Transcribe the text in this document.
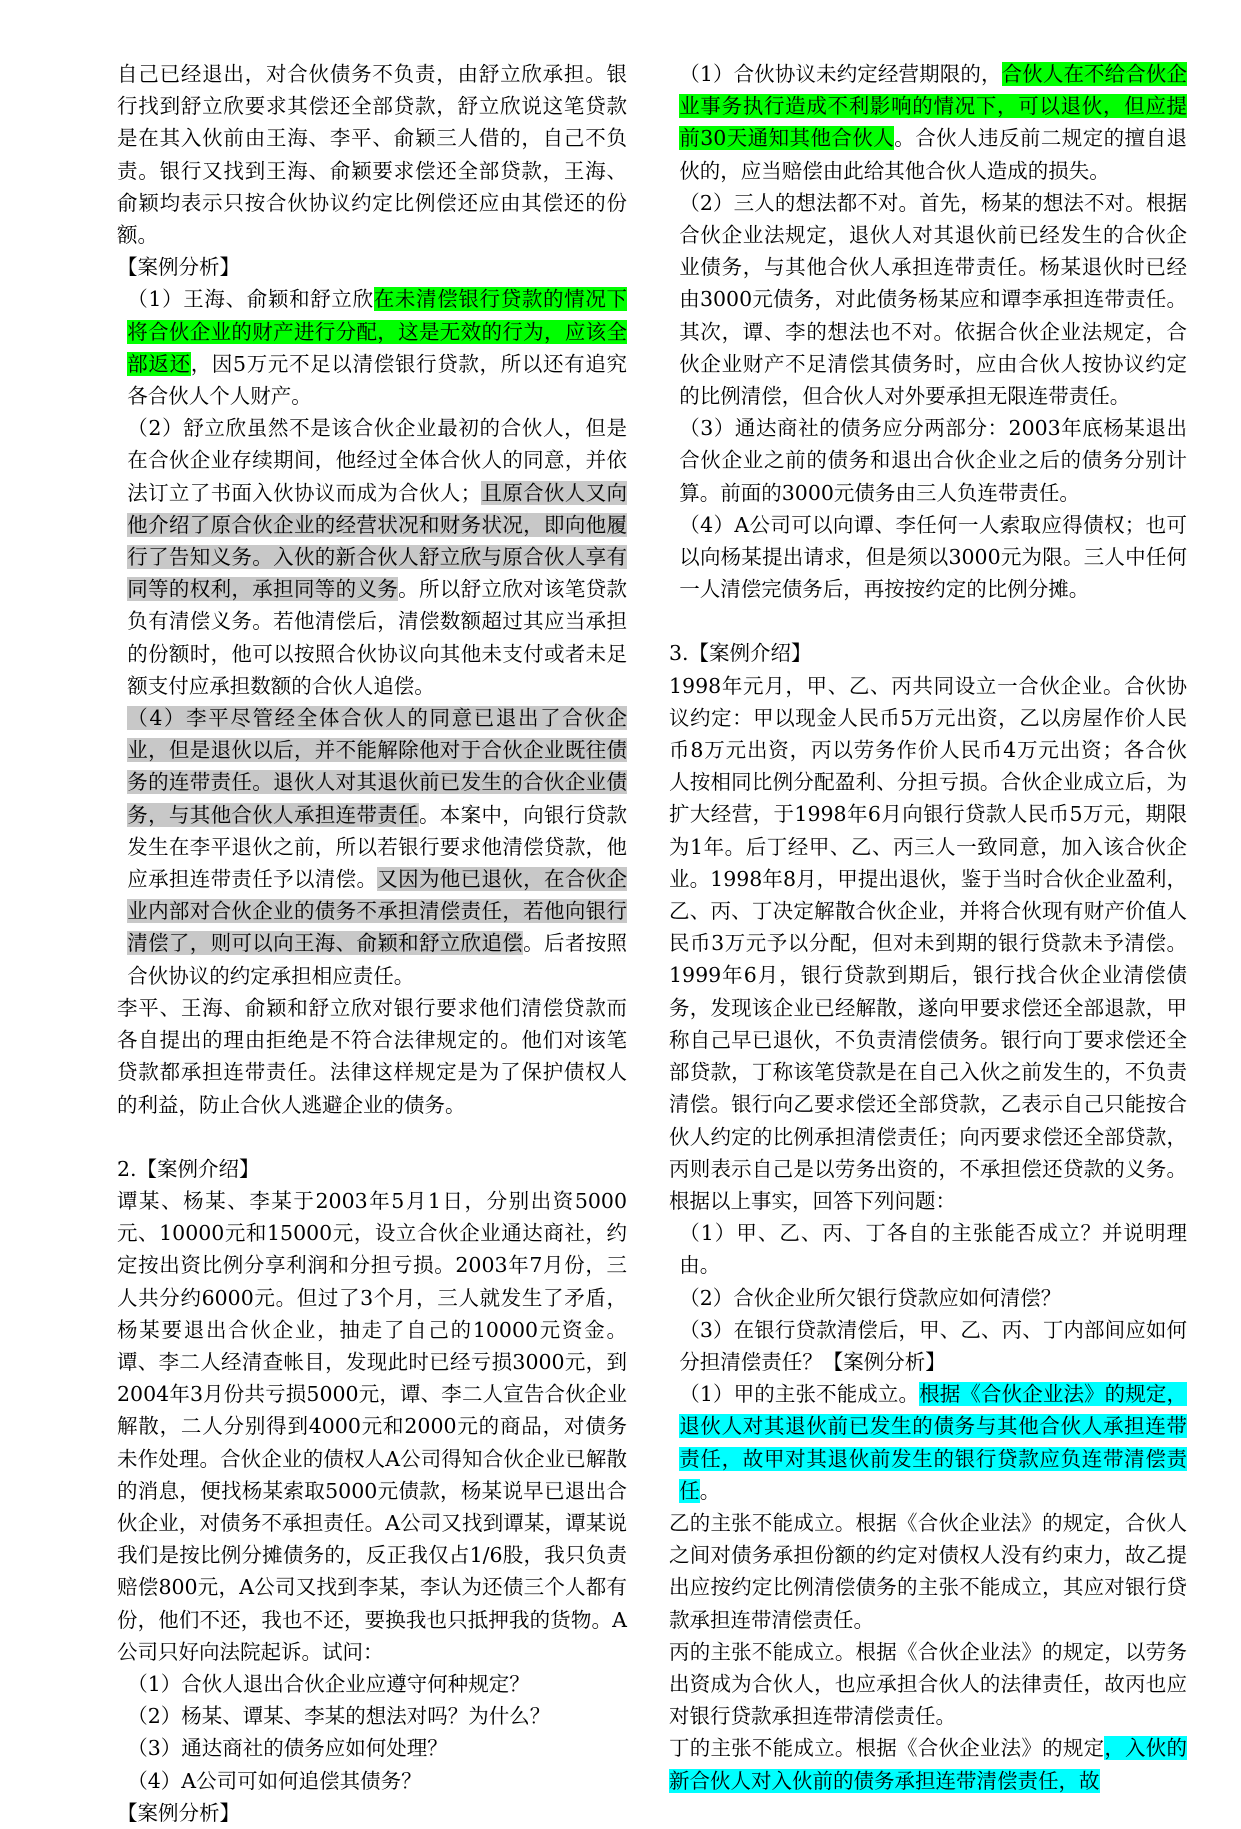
自己已经退出，对合伙债务不负责，由舒立欣承担。银行找到舒立欣要求其偿还全部贷款，舒立欣说这笔贷款是在其入伙前由王海、李平、俞颖三人借的，自己不负责。银行又找到王海、俞颖要求偿还全部贷款，王海、俞颖均表示只按合伙协议约定比例偿还应由其偿还的份额。

【案例分析】

（1）王海、俞颖和舒立欣在未清偿银行贷款的情况下将合伙企业的财产进行分配，这是无效的行为，应该全部返还，因5万元不足以清偿银行贷款，所以还有追究各合伙人个人财产。

（2）舒立欣虽然不是该合伙企业最初的合伙人，但是在合伙企业存续期间，他经过全体合伙人的同意，并依法订立了书面入伙协议而成为合伙人；且原合伙人又向他介绍了原合伙企业的经营状况和财务状况，即向他履行了告知义务。入伙的新合伙人舒立欣与原合伙人享有同等的权利，承担同等的义务。所以舒立欣对该笔贷款负有清偿义务。若他清偿后，清偿数额超过其应当承担的份额时，他可以按照合伙协议向其他未支付或者未足额支付应承担数额的合伙人追偿。

（4）李平尽管经全体合伙人的同意已退出了合伙企业，但是退伙以后，并不能解除他对于合伙企业既往债务的连带责任。退伙人对其退伙前已发生的合伙企业债务，与其他合伙人承担连带责任。本案中，向银行贷款发生在李平退伙之前，所以若银行要求他清偿贷款，他应承担连带责任予以清偿。又因为他已退伙，在合伙企业内部对合伙企业的债务不承担清偿责任，若他向银行清偿了，则可以向王海、俞颖和舒立欣追偿。后者按照合伙协议的约定承担相应责任。

李平、王海、俞颖和舒立欣对银行要求他们清偿贷款而各自提出的理由拒绝是不符合法律规定的。他们对该笔贷款都承担连带责任。法律这样规定是为了保护债权人的利益，防止合伙人逃避企业的债务。

2.【案例介绍】

谭某、杨某、李某于2003年5月1日，分别出资5000元、10000元和15000元，设立合伙企业通达商社，约定按出资比例分享利润和分担亏损。2003年7月份，三人共分约6000元。但过了3个月，三人就发生了矛盾，杨某要退出合伙企业，抽走了自己的10000元资金。谭、李二人经清查帐目，发现此时已经亏损3000元，到2004年3月份共亏损5000元，谭、李二人宣告合伙企业解散，二人分别得到4000元和2000元的商品，对债务未作处理。合伙企业的债权人A公司得知合伙企业已解散的消息，便找杨某索取5000元债款，杨某说早已退出合伙企业，对债务不承担责任。A公司又找到谭某，谭某说我们是按比例分摊债务的，反正我仅占1/6股，我只负责赔偿800元，A公司又找到李某，李认为还债三个人都有份，他们不还，我也不还，要换我也只抵押我的货物。A公司只好向法院起诉。试问：

（1）合伙人退出合伙企业应遵守何种规定？

（2）杨某、谭某、李某的想法对吗？为什么？

（3）通达商社的债务应如何处理？

（4）A公司可如何追偿其债务？

【案例分析】

（1）合伙协议未约定经营期限的，合伙人在不给合伙企业事务执行造成不利影响的情况下，可以退伙，但应提前30天通知其他合伙人。合伙人违反前二规定的擅自退伙的，应当赔偿由此给其他合伙人造成的损失。

（2）三人的想法都不对。首先，杨某的想法不对。根据合伙企业法规定，退伙人对其退伙前已经发生的合伙企业债务，与其他合伙人承担连带责任。杨某退伙时已经由3000元债务，对此债务杨某应和谭李承担连带责任。其次，谭、李的想法也不对。依据合伙企业法规定，合伙企业财产不足清偿其债务时，应由合伙人按协议约定的比例清偿，但合伙人对外要承担无限连带责任。

（3）通达商社的债务应分两部分：2003年底杨某退出合伙企业之前的债务和退出合伙企业之后的债务分别计算。前面的3000元债务由三人负连带责任。

（4）A公司可以向谭、李任何一人索取应得债权；也可以向杨某提出请求，但是须以3000元为限。三人中任何一人清偿完债务后，再按按约定的比例分摊。

3.【案例介绍】

1998年元月，甲、乙、丙共同设立一合伙企业。合伙协议约定：甲以现金人民币5万元出资，乙以房屋作价人民币8万元出资，丙以劳务作价人民币4万元出资；各合伙人按相同比例分配盈利、分担亏损。合伙企业成立后，为扩大经营，于1998年6月向银行贷款人民币5万元，期限为1年。后丁经甲、乙、丙三人一致同意，加入该合伙企业。1998年8月，甲提出退伙，鉴于当时合伙企业盈利，乙、丙、丁决定解散合伙企业，并将合伙现有财产价值人民币3万元予以分配，但对未到期的银行贷款未予清偿。1999年6月，银行贷款到期后，银行找合伙企业清偿债务，发现该企业已经解散，遂向甲要求偿还全部退款，甲称自己早已退伙，不负责清偿债务。银行向丁要求偿还全部贷款，丁称该笔贷款是在自己入伙之前发生的，不负责清偿。银行向乙要求偿还全部贷款，乙表示自己只能按合伙人约定的比例承担清偿责任；向丙要求偿还全部贷款，丙则表示自己是以劳务出资的，不承担偿还贷款的义务。根据以上事实，回答下列问题：

（1）甲、乙、丙、丁各自的主张能否成立？并说明理由。

（2）合伙企业所欠银行贷款应如何清偿？

（3）在银行贷款清偿后，甲、乙、丙、丁内部间应如何分担清偿责任？【案例分析】

（1）甲的主张不能成立。根据《合伙企业法》的规定，退伙人对其退伙前已发生的债务与其他合伙人承担连带责任，故甲对其退伙前发生的银行贷款应负连带清偿责任。

乙的主张不能成立。根据《合伙企业法》的规定，合伙人之间对债务承担份额的约定对债权人没有约束力，故乙提出应按约定比例清偿债务的主张不能成立，其应对银行贷款承担连带清偿责任。

丙的主张不能成立。根据《合伙企业法》的规定，以劳务出资成为合伙人，也应承担合伙人的法律责任，故丙也应对银行贷款承担连带清偿责任。

丁的主张不能成立。根据《合伙企业法》的规定，入伙的新合伙人对入伙前的债务承担连带清偿责任，故
